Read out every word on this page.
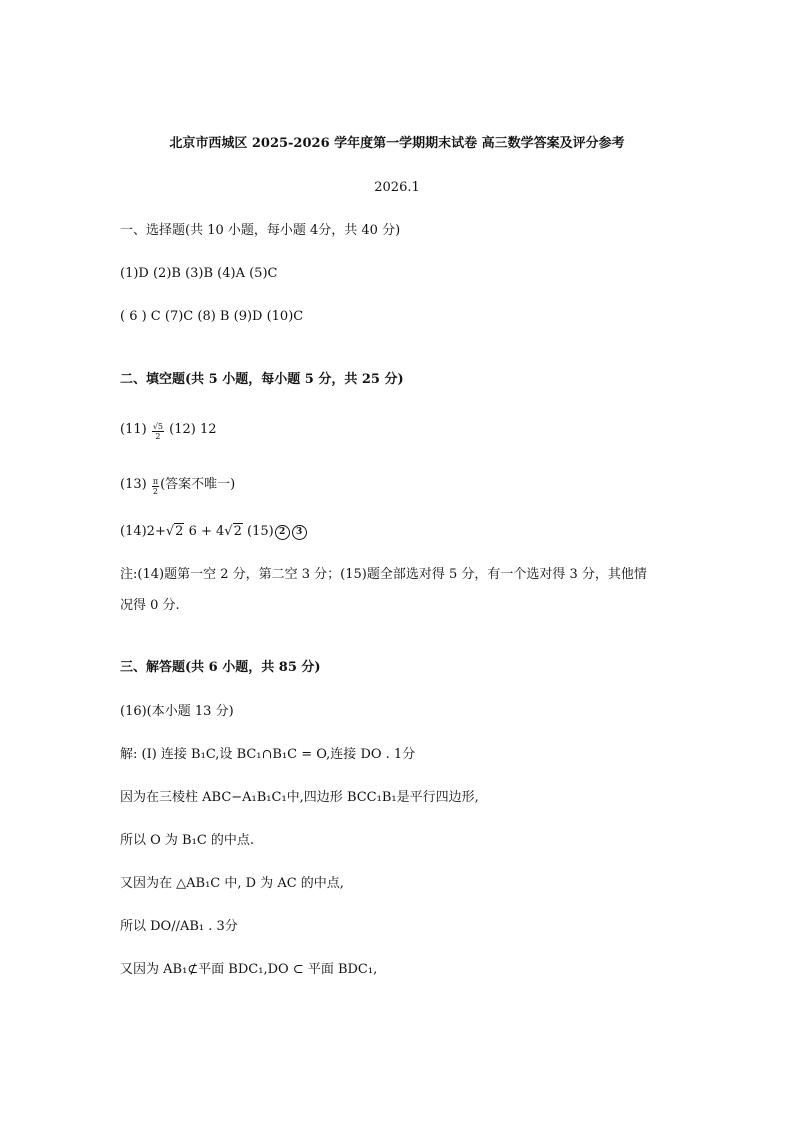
北京市西城区 2025-2026 学年度第一学期期末试卷 高三数学答案及评分参考
2026.1
一、选择题(共 10 小题，每小题 4分，共 40 分)
(1)D (2)B (3)B (4)A (5)C
( 6 ) C (7)C (8) B (9)D (10)C
二、填空题(共 5 小题，每小题 5 分，共 25 分)
$(11) \frac{√5}{2} (12)$ 12
$(13) \frac{\pi}{2}$ (答案不唯一)
(14)2+√2 6 + 4√2 (15) 2 3
注:(14)题第一空 2 分，第二空 3 分；(15)题全部选对得 5 分，有一个选对得 3 分，其他情
况得 0 分.
三、解答题(共 6 小题，共 85 分)
(16)(本小题 13 分)
解: (I) 连接 B₁C,设 BC₁∩B₁C = O,连接 DO . 1分
因为在三棱柱 ABC−A₁B₁C₁中,四边形 BCC₁B₁是平行四边形,
所以 O 为 B₁C 的中点.
又因为在 △AB₁C 中, D 为 AC 的中点,
所以 DO//AB₁ . 3分
又因为 AB₁⊄平面 BDC₁,DO ⊂ 平面 BDC₁,
